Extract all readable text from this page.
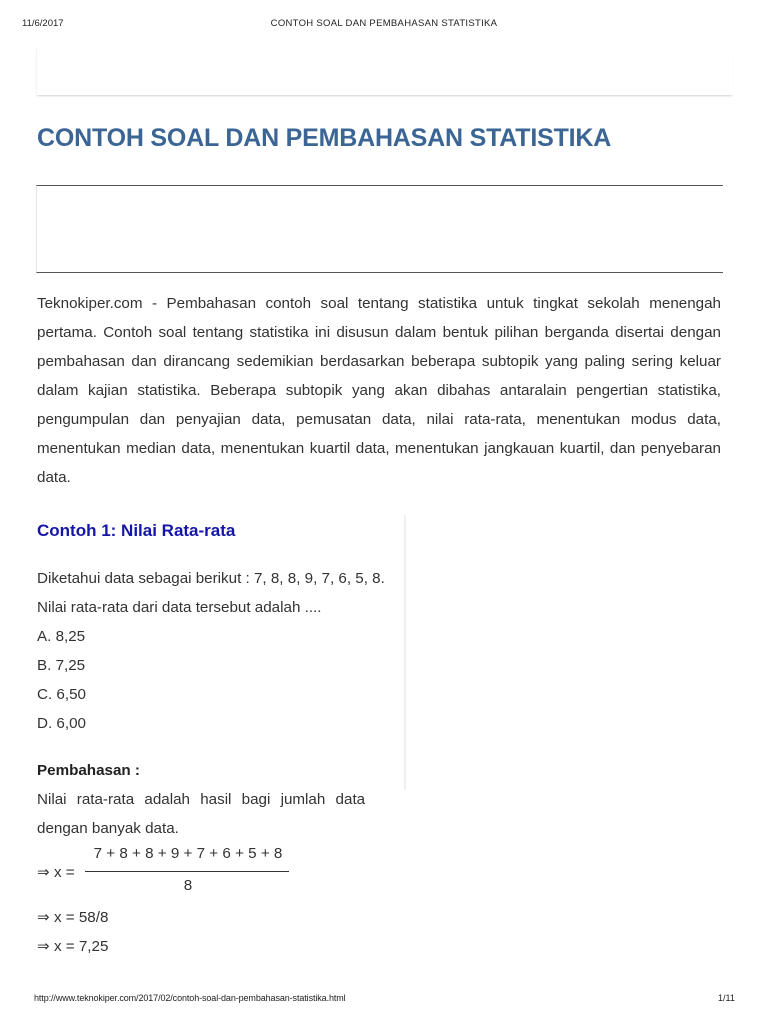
11/6/2017	CONTOH SOAL DAN PEMBAHASAN STATISTIKA
CONTOH SOAL DAN PEMBAHASAN STATISTIKA

Teknokiper.com - Pembahasan contoh soal tentang statistika untuk tingkat sekolah menengah pertama. Contoh soal tentang statistika ini disusun dalam bentuk pilihan berganda disertai dengan pembahasan dan dirancang sedemikian berdasarkan beberapa subtopik yang paling sering keluar dalam kajian statistika. Beberapa subtopik yang akan dibahas antaralain pengertian statistika, pengumpulan dan penyajian data, pemusatan data, nilai rata-rata, menentukan modus data, menentukan median data, menentukan kuartil data, menentukan jangkauan kuartil, dan penyebaran data.

Contoh 1: Nilai Rata-rata

Diketahui data sebagai berikut : 7, 8, 8, 9, 7, 6, 5, 8. Nilai rata-rata dari data tersebut adalah ....

A. 8,25
B. 7,25
C. 6,50
D. 6,00

Pembahasan :

Nilai rata-rata adalah hasil bagi jumlah data

dengan banyak data.

⇒ x =
7 + 8 + 8 + 9 + 7 + 6 + 5 + 8
8

⇒ x = 58/8

⇒ x = 7,25

http://www.teknokiper.com/2017/02/contoh-soal-dan-pembahasan-statistika.html	1/11
